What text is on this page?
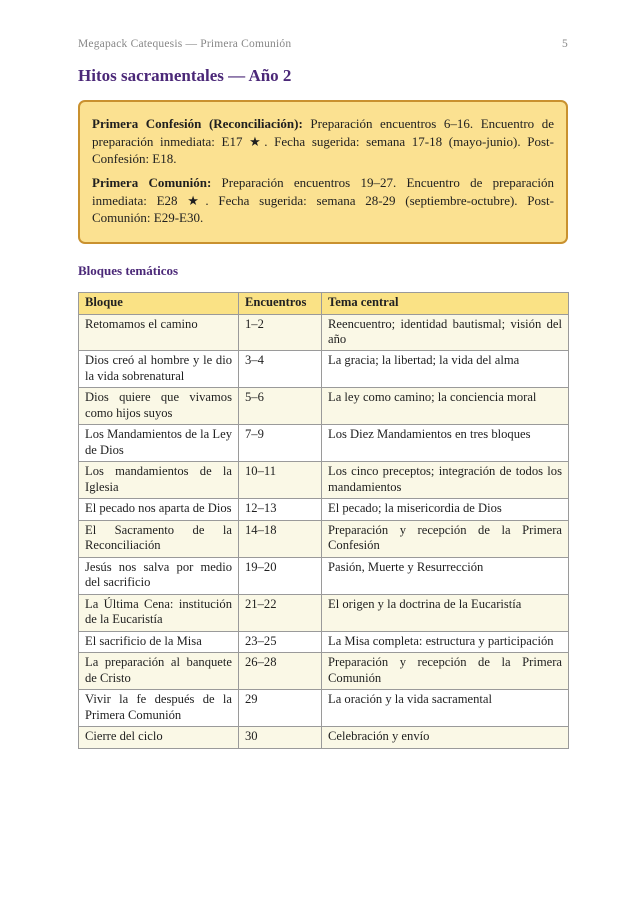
Megapack Catequesis — Primera Comunión	5
Hitos sacramentales — Año 2

Primera Confesión (Reconciliación): Preparación encuentros 6–16. Encuentro de preparación inmediata: E17 ★. Fecha sugerida: semana 17-18 (mayo-junio). Post-Confesión: E18.

Primera Comunión: Preparación encuentros 19–27. Encuentro de preparación inmediata: E28 ★. Fecha sugerida: semana 28-29 (septiembre-octubre). Post-Comunión: E29-E30.

Bloques temáticos
Bloque	Encuentros	Tema central
Retomamos el camino	1–2	Reencuentro; identidad bautismal; visión del año
Dios creó al hombre y le dio la vida sobrenatural	3–4	La gracia; la libertad; la vida del alma
Dios quiere que vivamos como hijos suyos	5–6	La ley como camino; la conciencia moral
Los Mandamientos de la Ley de Dios	7–9	Los Diez Mandamientos en tres bloques
Los mandamientos de la Iglesia	10–11	Los cinco preceptos; integración de todos los mandamientos
El pecado nos aparta de Dios	12–13	El pecado; la misericordia de Dios
El Sacramento de la Reconciliación	14–18	Preparación y recepción de la Primera Confesión
Jesús nos salva por medio del sacrificio	19–20	Pasión, Muerte y Resurrección
La Última Cena: institución de la Eucaristía	21–22	El origen y la doctrina de la Eucaristía
El sacrificio de la Misa	23–25	La Misa completa: estructura y participación
La preparación al banquete de Cristo	26–28	Preparación y recepción de la Primera Comunión
Vivir la fe después de la Primera Comunión	29	La oración y la vida sacramental
Cierre del ciclo	30	Celebración y envío
